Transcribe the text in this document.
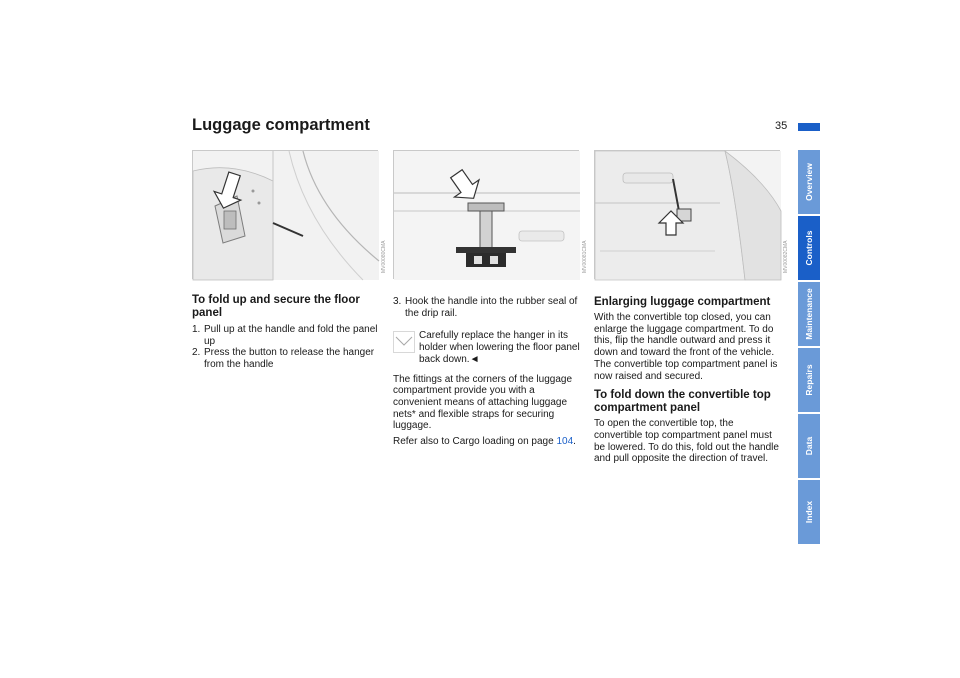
Luggage compartment	35
MV00080CMA	MV00081CMA	MV00082CMA
To fold up and secure the floor panel
1. Pull up at the handle and fold the panel up
2. Press the button to release the hanger from the handle
3. Hook the handle into the rubber seal of the drip rail.

Carefully replace the hanger in its holder when lowering the floor panel back down.◄

The fittings at the corners of the luggage compartment provide you with a convenient means of attaching luggage nets* and flexible straps for securing luggage.

Refer also to Cargo loading on page 104.

Enlarging luggage compartment

With the convertible top closed, you can enlarge the luggage compartment. To do this, flip the handle outward and press it down and toward the front of the vehicle. The convertible top compartment panel is now raised and secured.

To fold down the convertible top compartment panel

To open the convertible top, the convertible top compartment panel must be lowered. To do this, fold out the handle and pull opposite the direction of travel.

Overview
Controls
Maintenance
Repairs
Data
Index
